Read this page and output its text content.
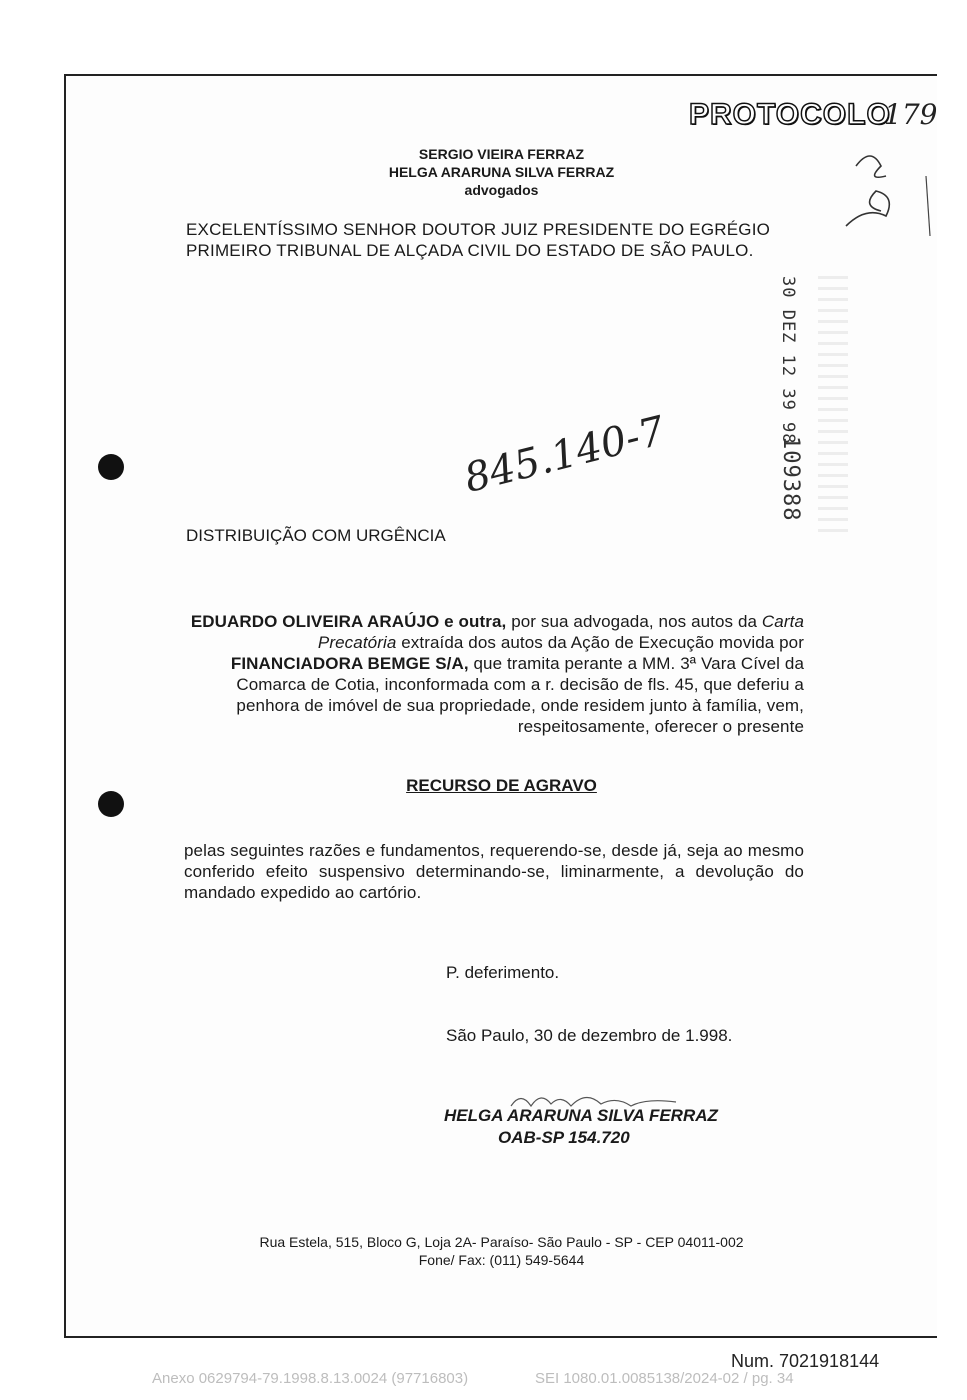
SERGIO VIEIRA FERRAZ
HELGA ARARUNA SILVA FERRAZ
advogados
PROTOCOLO
179
EXCELENTÍSSIMO SENHOR DOUTOR JUIZ PRESIDENTE DO EGRÉGIO
PRIMEIRO TRIBUNAL DE ALÇADA CIVIL DO ESTADO DE SÃO PAULO.
30 DEZ 12 39 98
109388
845.140-7
DISTRIBUIÇÃO COM URGÊNCIA
EDUARDO OLIVEIRA ARAÚJO e outra, por sua advogada, nos autos da Carta Precatória extraída dos autos da Ação de Execução movida por FINANCIADORA BEMGE S/A, que tramita perante a MM. 3ª Vara Cível da Comarca de Cotia, inconformada com a r. decisão de fls. 45, que deferiu a penhora de imóvel de sua propriedade, onde residem junto à família, vem, respeitosamente, oferecer o presente
RECURSO DE AGRAVO
pelas seguintes razões e fundamentos, requerendo-se, desde já, seja ao mesmo conferido efeito suspensivo determinando-se, liminarmente, a devolução do mandado expedido ao cartório.
P. deferimento.
São Paulo, 30 de dezembro de 1.998.
HELGA ARARUNA SILVA FERRAZ
OAB-SP 154.720
Rua Estela, 515, Bloco G, Loja 2A- Paraíso- São Paulo - SP - CEP 04011-002
Fone/ Fax: (011) 549-5644
Num. 7021918144
Anexo 0629794-79.1998.8.13.0024 (97716803)	SEI 1080.01.0085138/2024-02 / pg. 34
